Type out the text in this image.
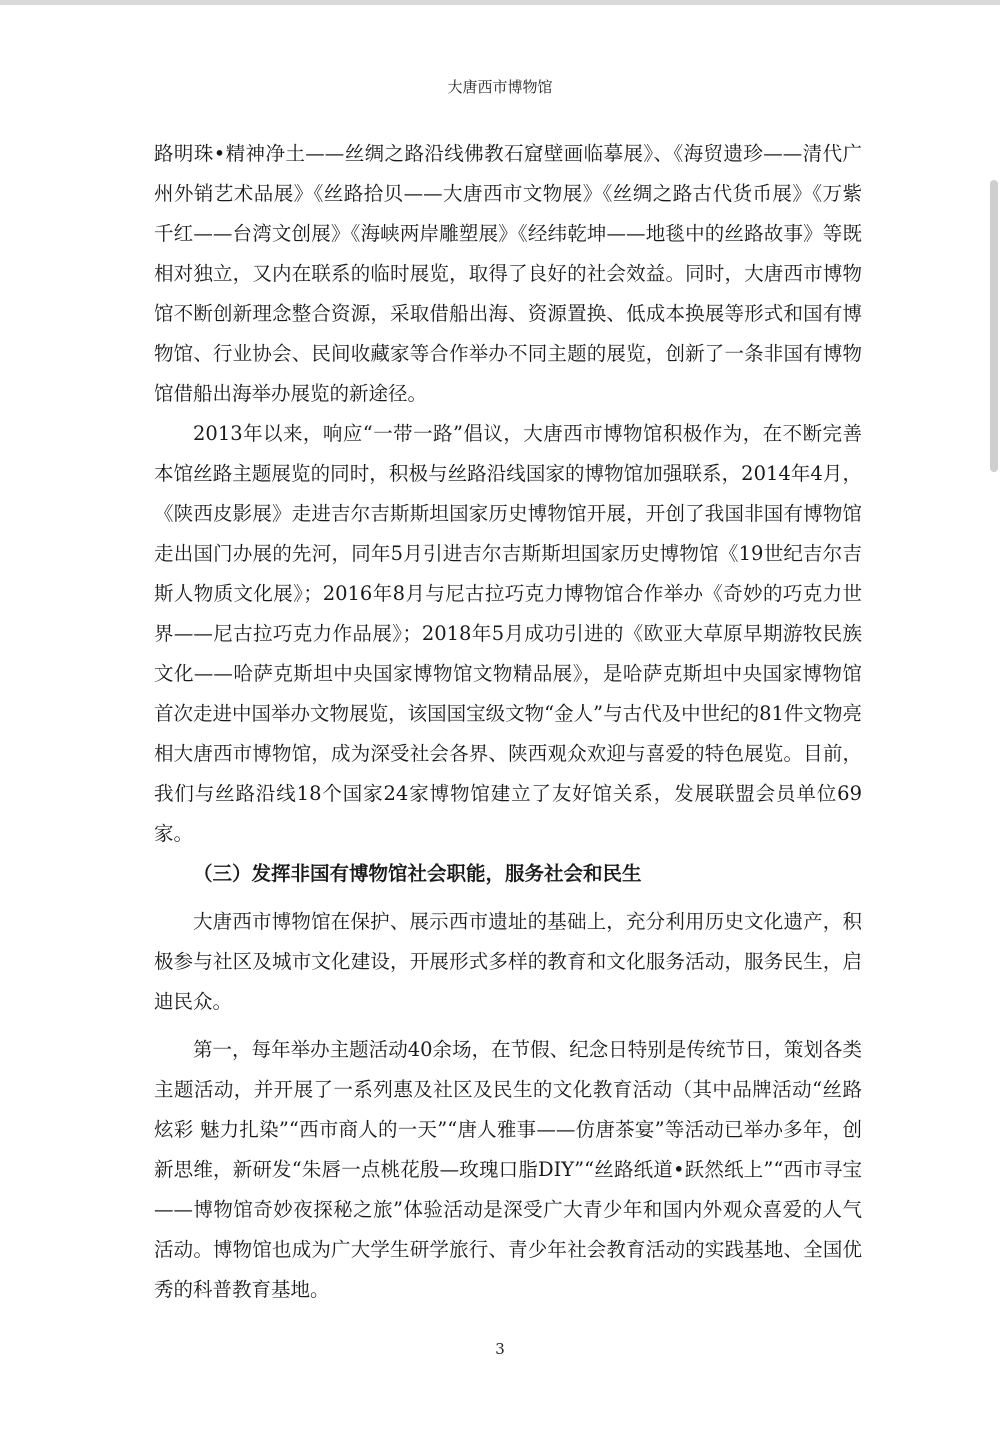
大唐西市博物馆

路明珠•精神净土——丝绸之路沿线佛教石窟壁画临摹展》、《海贸遗珍——清代广州外销艺术品展》《丝路拾贝——大唐西市文物展》《丝绸之路古代货币展》《万紫千红——台湾文创展》《海峡两岸雕塑展》《经纬乾坤——地毯中的丝路故事》等既相对独立，又内在联系的临时展览，取得了良好的社会效益。同时，大唐西市博物馆不断创新理念整合资源，采取借船出海、资源置换、低成本换展等形式和国有博物馆、行业协会、民间收藏家等合作举办不同主题的展览，创新了一条非国有博物馆借船出海举办展览的新途径。

2013年以来，响应“一带一路”倡议，大唐西市博物馆积极作为，在不断完善本馆丝路主题展览的同时，积极与丝路沿线国家的博物馆加强联系，2014年4月，《陕西皮影展》走进吉尔吉斯斯坦国家历史博物馆开展，开创了我国非国有博物馆走出国门办展的先河，同年5月引进吉尔吉斯斯坦国家历史博物馆《19世纪吉尔吉斯人物质文化展》；2016年8月与尼古拉巧克力博物馆合作举办《奇妙的巧克力世界——尼古拉巧克力作品展》；2018年5月成功引进的《欧亚大草原早期游牧民族文化——哈萨克斯坦中央国家博物馆文物精品展》，是哈萨克斯坦中央国家博物馆首次走进中国举办文物展览，该国国宝级文物“金人”与古代及中世纪的81件文物亮相大唐西市博物馆，成为深受社会各界、陕西观众欢迎与喜爱的特色展览。目前，我们与丝路沿线18个国家24家博物馆建立了友好馆关系，发展联盟会员单位69家。

（三）发挥非国有博物馆社会职能，服务社会和民生

大唐西市博物馆在保护、展示西市遗址的基础上，充分利用历史文化遗产，积极参与社区及城市文化建设，开展形式多样的教育和文化服务活动，服务民生，启迪民众。

第一，每年举办主题活动40余场，在节假、纪念日特别是传统节日，策划各类主题活动，并开展了一系列惠及社区及民生的文化教育活动（其中品牌活动“丝路炫彩 魅力扎染”“西市商人的一天”“唐人雅事——仿唐茶宴”等活动已举办多年，创新思维，新研发“朱唇一点桃花殷—玫瑰口脂DIY”“丝路纸道•跃然纸上”“西市寻宝——博物馆奇妙夜探秘之旅”体验活动是深受广大青少年和国内外观众喜爱的人气活动。博物馆也成为广大学生研学旅行、青少年社会教育活动的实践基地、全国优秀的科普教育基地。

3
